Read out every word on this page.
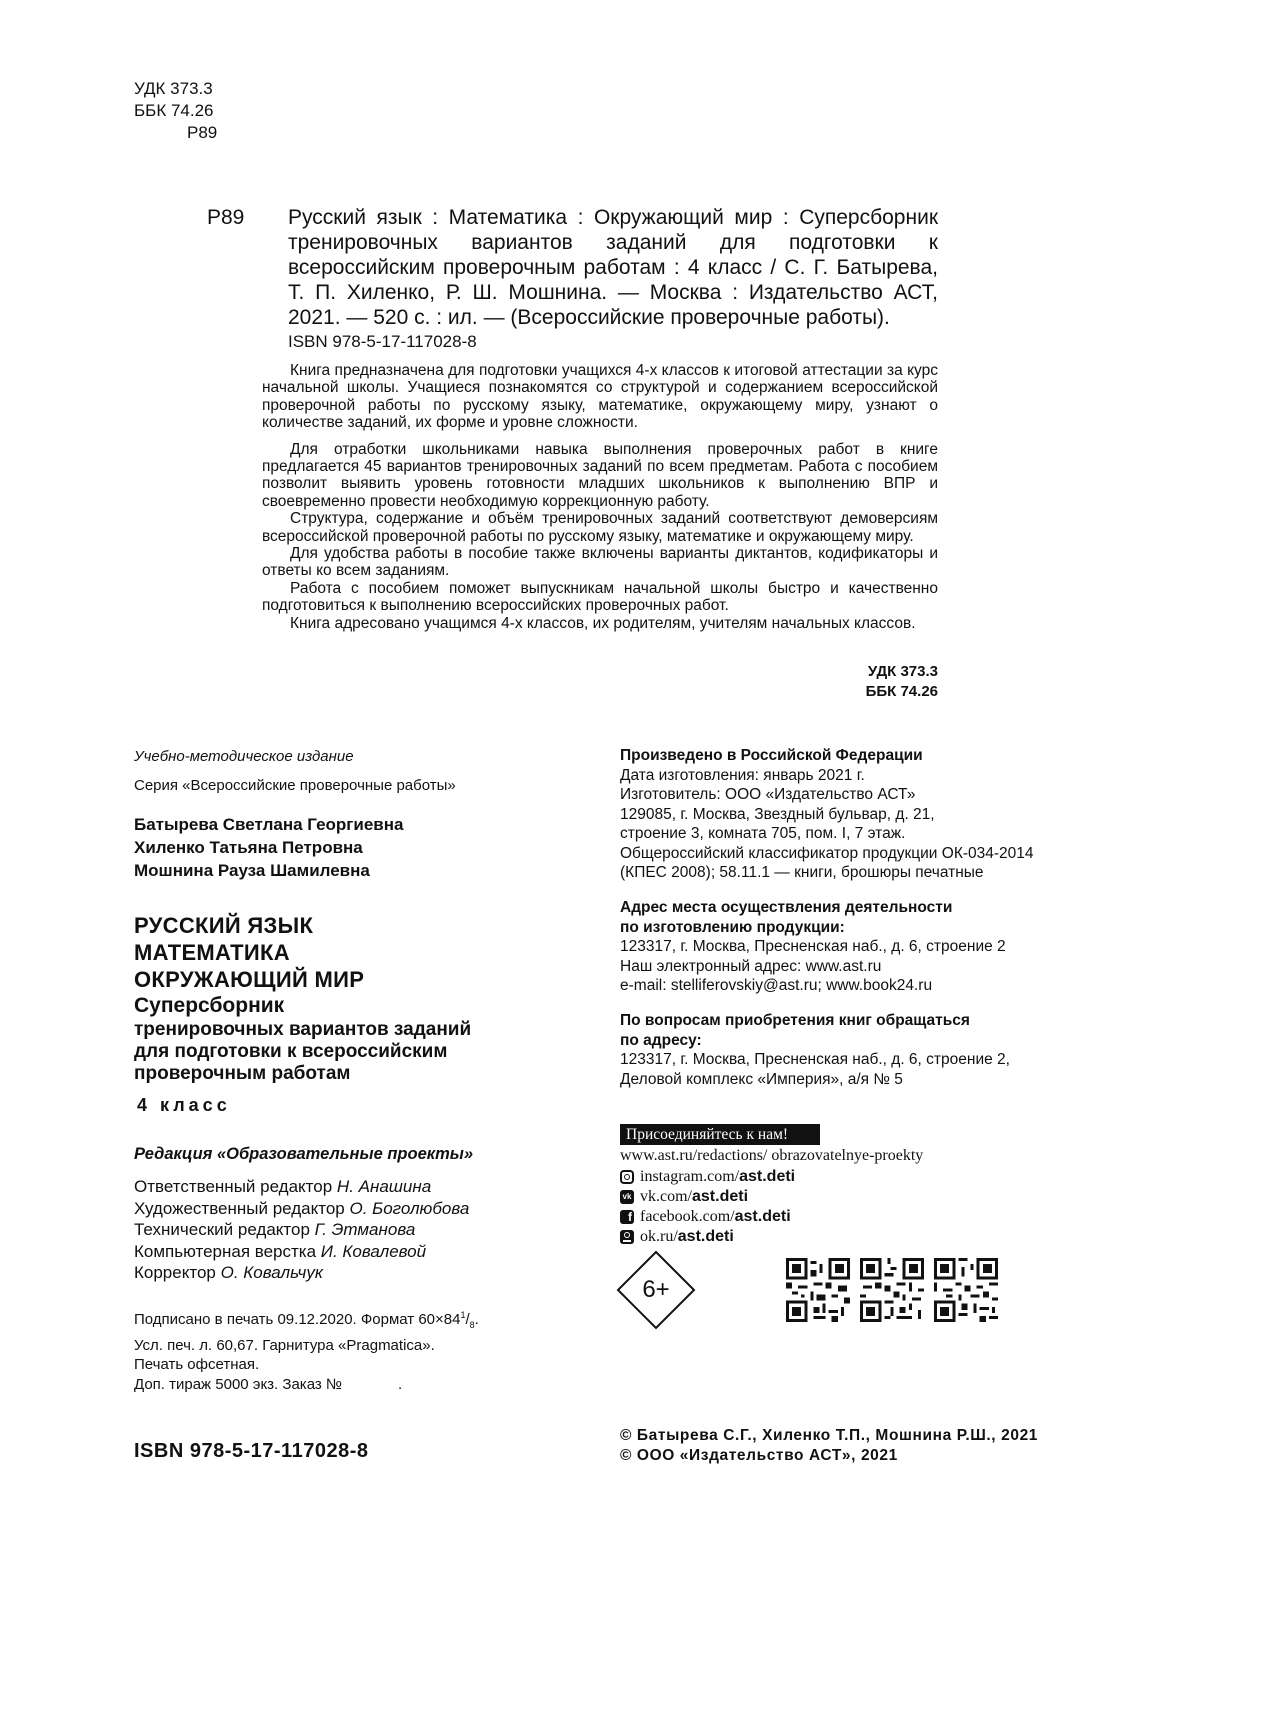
УДК 373.3
ББК 74.26
Р89
Р89	Русский язык : Математика : Окружающий мир : Суперсборник тренировочных вариантов заданий для подготовки к всероссийским проверочным работам : 4 класс / С. Г. Батырева, Т. П. Хиленко, Р. Ш. Мошнина. — Москва : Издательство АСТ, 2021. — 520 с. : ил. — (Всероссийские проверочные работы).
ISBN 978-5-17-117028-8

Книга предназначена для подготовки учащихся 4-х классов к итоговой аттестации за курс начальной школы. Учащиеся познакомятся со структурой и содержанием всероссийской проверочной работы по русскому языку, математике, окружающему миру, узнают о количестве заданий, их форме и уровне сложности.

Для отработки школьниками навыка выполнения проверочных работ в книге предлагается 45 вариантов тренировочных заданий по всем предметам. Работа с пособием позволит выявить уровень готовности младших школьников к выполнению ВПР и своевременно провести необходимую коррекционную работу.

Структура, содержание и объём тренировочных заданий соответствуют демоверсиям всероссийской проверочной работы по русскому языку, математике и окружающему миру.

Для удобства работы в пособие также включены варианты диктантов, кодификаторы и ответы ко всем заданиям.

Работа с пособием поможет выпускникам начальной школы быстро и качественно подготовиться к выполнению всероссийских проверочных работ.

Книга адресовано учащимся 4-х классов, их родителям, учителям начальных классов.

УДК 373.3
ББК 74.26
Учебно-методическое издание
Серия «Всероссийские проверочные работы»
Батырева Светлана Георгиевна
Хиленко Татьяна Петровна
Мошнина Рауза Шамилевна
РУССКИЙ ЯЗЫК
МАТЕМАТИКА
ОКРУЖАЮЩИЙ МИР
Суперсборник
тренировочных вариантов заданий
для подготовки к всероссийским
проверочным работам
4 класс
Редакция «Образовательные проекты»
Ответственный редактор Н. Анашина
Художественный редактор О. Боголюбова
Технический редактор Г. Этманова
Компьютерная верстка И. Ковалевой
Корректор О. Ковальчук
Подписано в печать 09.12.2020. Формат $60\times 84^1/_8$.
Усл. печ. л. 60,67. Гарнитура «Pragmatica».
Печать офсетная.
Доп. тираж 5000 экз. Заказ №	.
ISBN 978-5-17-117028-8
Произведено в Российской Федерации
Дата изготовления: январь 2021 г.
Изготовитель: ООО «Издательство АСТ»
129085, г. Москва, Звездный бульвар, д. 21,
строение 3, комната 705, пом. I, 7 этаж.
Общероссийский классификатор продукции ОК-034-2014
(КПЕС 2008); 58.11.1 — книги, брошюры печатные
Адрес места осуществления деятельности
по изготовлению продукции:
123317, г. Москва, Пресненская наб., д. 6, строение 2
Наш электронный адрес: www.ast.ru
e-mail: stelliferovskiy@ast.ru; www.book24.ru
По вопросам приобретения книг обращаться
по адресу:
123317, г. Москва, Пресненская наб., д. 6, строение 2,
Деловой комплекс «Империя», а/я № 5
Присоединяйтесь к нам!
www.ast.ru/redactions/ obrazovatelnye-proekty
instagram.com/ ast.deti
vk vk.com/ ast.deti
f facebook.com/ ast.deti
ok.ru/ ast.deti
6+
© Батырева С.Г., Хиленко Т.П., Мошнина Р.Ш., 2021
© ООО «Издательство АСТ», 2021
